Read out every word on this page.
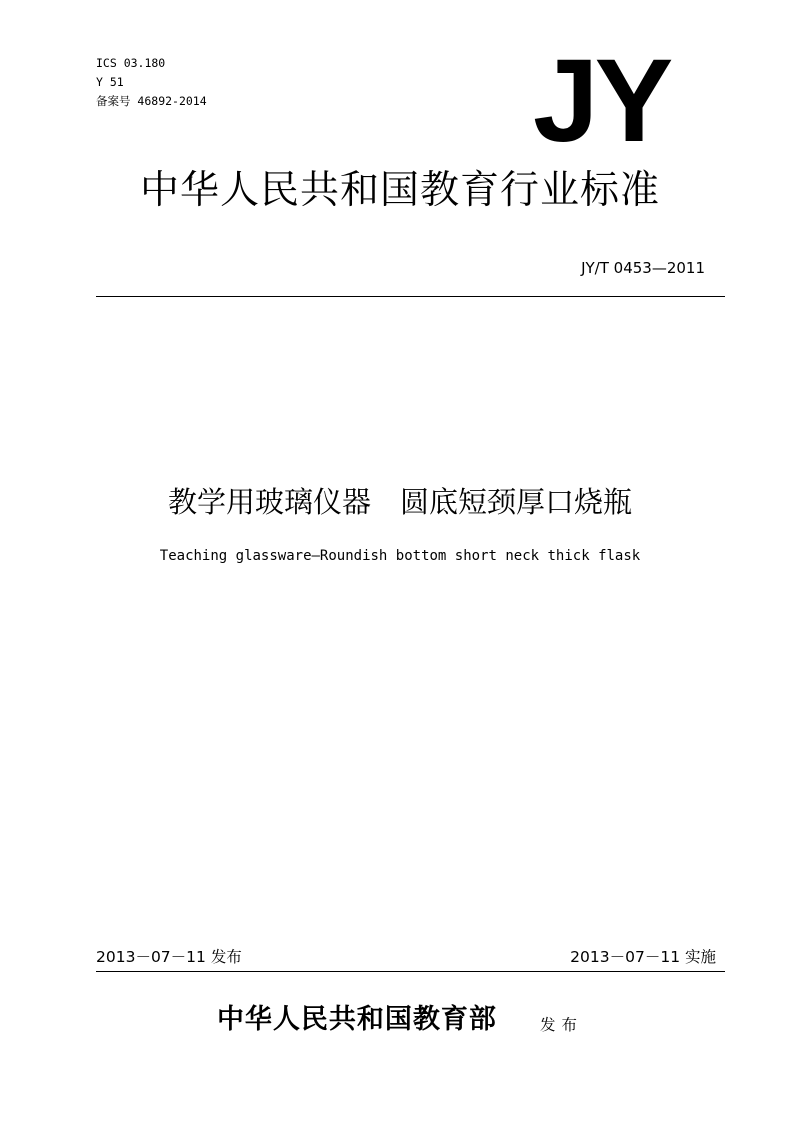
ICS 03.180
Y 51
备案号 46892-2014	JY
中华人民共和国教育行业标准
JY/T 0453—2011
教学用玻璃仪器　圆底短颈厚口烧瓶
Teaching glassware—Roundish bottom short neck thick flask
2013－07－11 发布	2013－07－11 实施
中华人民共和国教育部	发布
